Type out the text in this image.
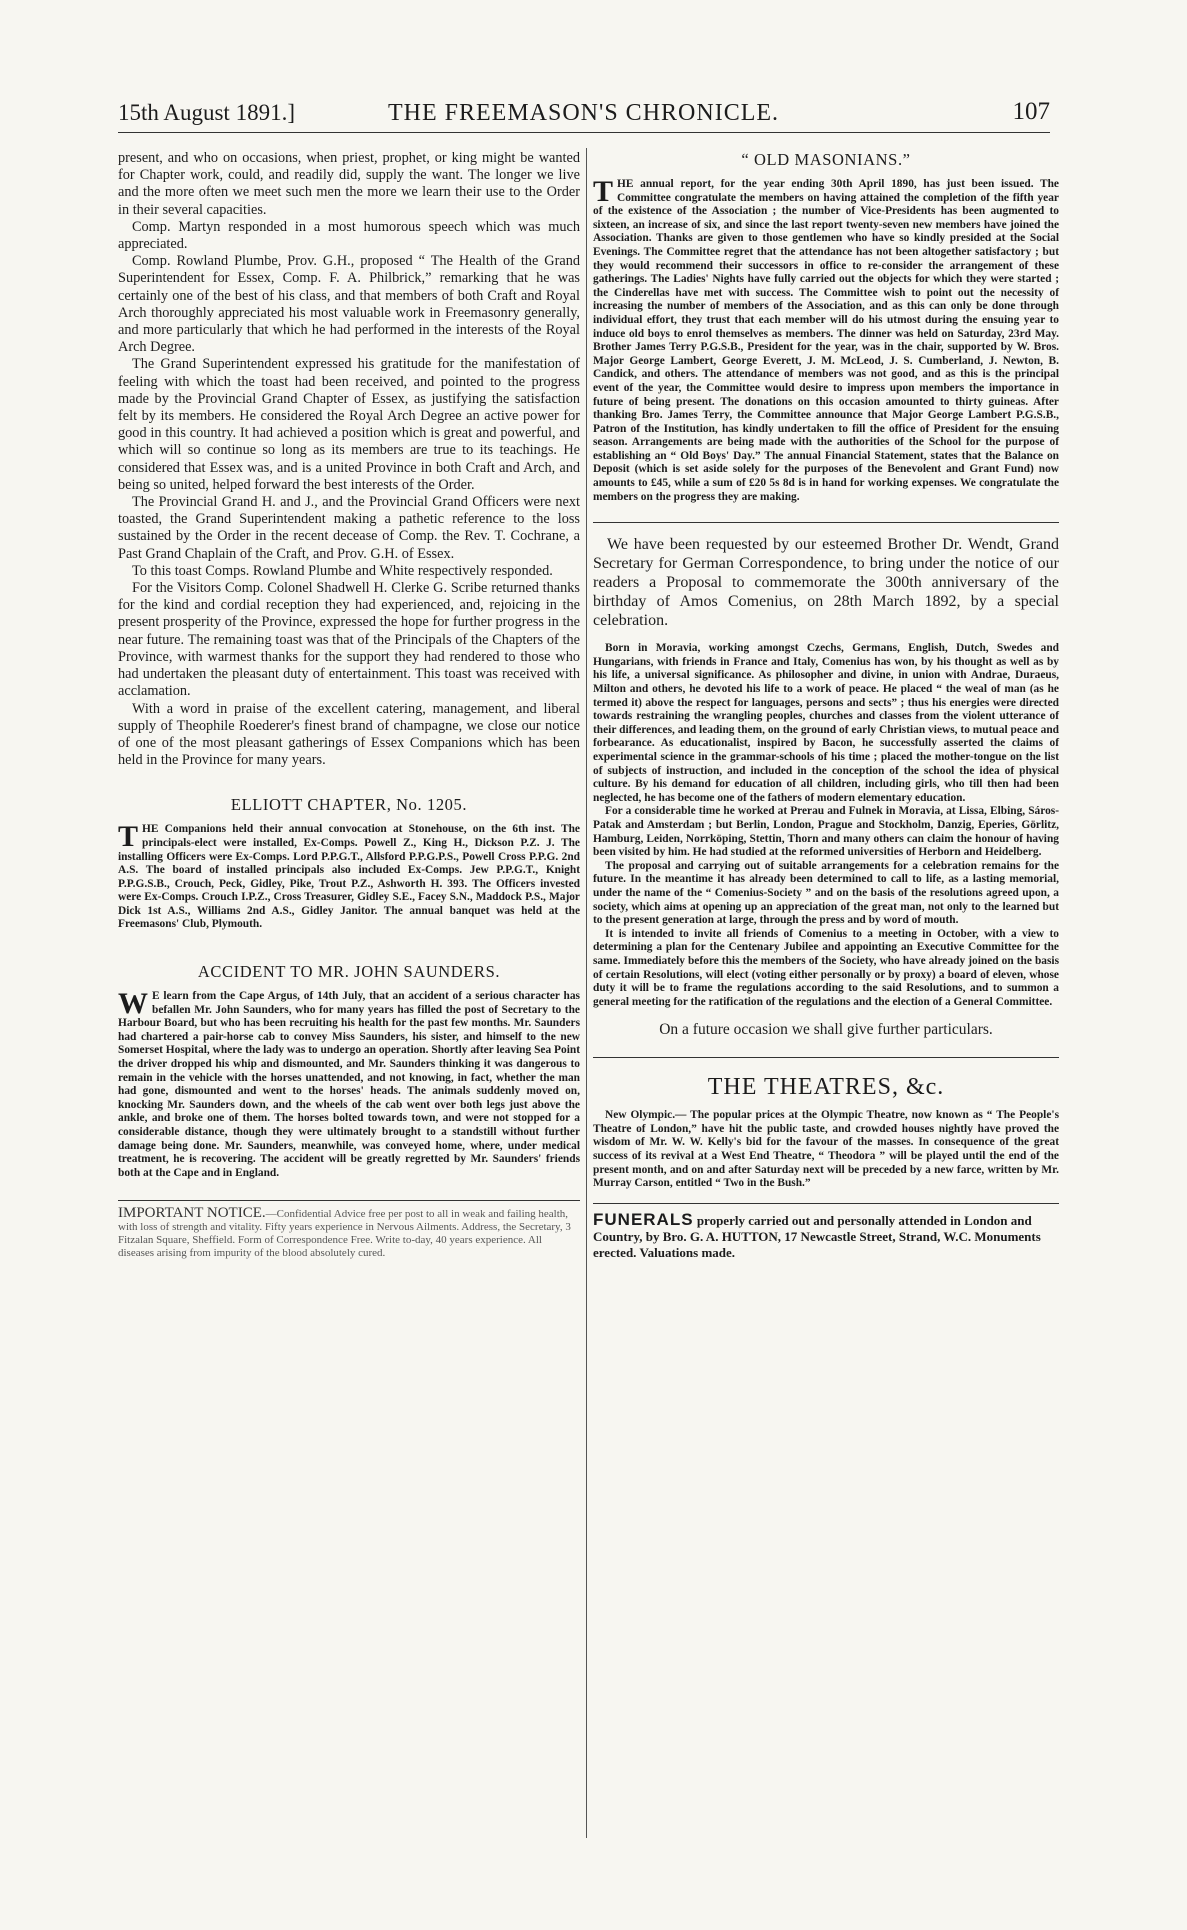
15th August 1891.]	THE FREEMASON'S CHRONICLE.	107

present, and who on occasions, when priest, prophet, or king might be wanted for Chapter work, could, and readily did, supply the want. The longer we live and the more often we meet such men the more we learn their use to the Order in their several capacities.

Comp. Martyn responded in a most humorous speech which was much appreciated.

Comp. Rowland Plumbe, Prov. G.H., proposed “ The Health of the Grand Superintendent for Essex, Comp. F. A. Philbrick,” remarking that he was certainly one of the best of his class, and that members of both Craft and Royal Arch thoroughly appreciated his most valuable work in Freemasonry generally, and more particularly that which he had performed in the interests of the Royal Arch Degree.

The Grand Superintendent expressed his gratitude for the manifestation of feeling with which the toast had been received, and pointed to the progress made by the Provincial Grand Chapter of Essex, as justifying the satisfaction felt by its members. He considered the Royal Arch Degree an active power for good in this country. It had achieved a position which is great and powerful, and which will so continue so long as its members are true to its teachings. He considered that Essex was, and is a united Province in both Craft and Arch, and being so united, helped forward the best interests of the Order.

The Provincial Grand H. and J., and the Provincial Grand Officers were next toasted, the Grand Superintendent making a pathetic reference to the loss sustained by the Order in the recent decease of Comp. the Rev. T. Cochrane, a Past Grand Chaplain of the Craft, and Prov. G.H. of Essex.

To this toast Comps. Rowland Plumbe and White respectively responded.

For the Visitors Comp. Colonel Shadwell H. Clerke G. Scribe returned thanks for the kind and cordial reception they had experienced, and, rejoicing in the present prosperity of the Province, expressed the hope for further progress in the near future. The remaining toast was that of the Principals of the Chapters of the Province, with warmest thanks for the support they had rendered to those who had undertaken the pleasant duty of entertainment. This toast was received with acclamation.

With a word in praise of the excellent catering, management, and liberal supply of Theophile Roederer's finest brand of champagne, we close our notice of one of the most pleasant gatherings of Essex Companions which has been held in the Province for many years.

ELLIOTT CHAPTER, No. 1205.

THE Companions held their annual convocation at Stonehouse, on the 6th inst. The principals-elect were installed, Ex-Comps. Powell Z., King H., Dickson P.Z. J. The installing Officers were Ex-Comps. Lord P.P.G.T., Allsford P.P.G.P.S., Powell Cross P.P.G. 2nd A.S. The board of installed principals also included Ex-Comps. Jew P.P.G.T., Knight P.P.G.S.B., Crouch, Peck, Gidley, Pike, Trout P.Z., Ashworth H. 393. The Officers invested were Ex-Comps. Crouch I.P.Z., Cross Treasurer, Gidley S.E., Facey S.N., Maddock P.S., Major Dick 1st A.S., Williams 2nd A.S., Gidley Janitor. The annual banquet was held at the Freemasons' Club, Plymouth.

ACCIDENT TO MR. JOHN SAUNDERS.

W E learn from the Cape Argus, of 14th July, that an accident of a serious character has befallen Mr. John Saunders, who for many years has filled the post of Secretary to the Harbour Board, but who has been recruiting his health for the past few months. Mr. Saunders had chartered a pair-horse cab to convey Miss Saunders, his sister, and himself to the new Somerset Hospital, where the lady was to undergo an operation. Shortly after leaving Sea Point the driver dropped his whip and dismounted, and Mr. Saunders thinking it was dangerous to remain in the vehicle with the horses unattended, and not knowing, in fact, whether the man had gone, dismounted and went to the horses' heads. The animals suddenly moved on, knocking Mr. Saunders down, and the wheels of the cab went over both legs just above the ankle, and broke one of them. The horses bolted towards town, and were not stopped for a considerable distance, though they were ultimately brought to a standstill without further damage being done. Mr. Saunders, meanwhile, was conveyed home, where, under medical treatment, he is recovering. The accident will be greatly regretted by Mr. Saunders' friends both at the Cape and in England.

IMPORTANT NOTICE.—Confidential Advice free per post to all in weak and failing health, with loss of strength and vitality. Fifty years experience in Nervous Ailments. Address, the Secretary, 3 Fitzalan Square, Sheffield. Form of Correspondence Free. Write to-day, 40 years experience. All diseases arising from impurity of the blood absolutely cured.

“ OLD MASONIANS.”

THE annual report, for the year ending 30th April 1890, has just been issued. The Committee congratulate the members on having attained the completion of the fifth year of the existence of the Association ; the number of Vice-Presidents has been augmented to sixteen, an increase of six, and since the last report twenty-seven new members have joined the Association. Thanks are given to those gentlemen who have so kindly presided at the Social Evenings. The Committee regret that the attendance has not been altogether satisfactory ; but they would recommend their successors in office to re-consider the arrangement of these gatherings. The Ladies' Nights have fully carried out the objects for which they were started ; the Cinderellas have met with success. The Committee wish to point out the necessity of increasing the number of members of the Association, and as this can only be done through individual effort, they trust that each member will do his utmost during the ensuing year to induce old boys to enrol themselves as members. The dinner was held on Saturday, 23rd May. Brother James Terry P.G.S.B., President for the year, was in the chair, supported by W. Bros. Major George Lambert, George Everett, J. M. McLeod, J. S. Cumberland, J. Newton, B. Candick, and others. The attendance of members was not good, and as this is the principal event of the year, the Committee would desire to impress upon members the importance in future of being present. The donations on this occasion amounted to thirty guineas. After thanking Bro. James Terry, the Committee announce that Major George Lambert P.G.S.B., Patron of the Institution, has kindly undertaken to fill the office of President for the ensuing season. Arrangements are being made with the authorities of the School for the purpose of establishing an “ Old Boys' Day.” The annual Financial Statement, states that the Balance on Deposit (which is set aside solely for the purposes of the Benevolent and Grant Fund) now amounts to £45, while a sum of £20 5s 8d is in hand for working expenses. We congratulate the members on the progress they are making.

We have been requested by our esteemed Brother Dr. Wendt, Grand Secretary for German Correspondence, to bring under the notice of our readers a Proposal to commemorate the 300th anniversary of the birthday of Amos Comenius, on 28th March 1892, by a special celebration.

Born in Moravia, working amongst Czechs, Germans, English, Dutch, Swedes and Hungarians, with friends in France and Italy, Comenius has won, by his thought as well as by his life, a universal significance. As philosopher and divine, in union with Andrae, Duraeus, Milton and others, he devoted his life to a work of peace. He placed “ the weal of man (as he termed it) above the respect for languages, persons and sects” ; thus his energies were directed towards restraining the wrangling peoples, churches and classes from the violent utterance of their differences, and leading them, on the ground of early Christian views, to mutual peace and forbearance. As educationalist, inspired by Bacon, he successfully asserted the claims of experimental science in the grammar-schools of his time ; placed the mother-tongue on the list of subjects of instruction, and included in the conception of the school the idea of physical culture. By his demand for education of all children, including girls, who till then had been neglected, he has become one of the fathers of modern elementary education.

For a considerable time he worked at Prerau and Fulnek in Moravia, at Lissa, Elbing, Sáros-Patak and Amsterdam ; but Berlin, London, Prague and Stockholm, Danzig, Eperies, Görlitz, Hamburg, Leiden, Norrköping, Stettin, Thorn and many others can claim the honour of having been visited by him. He had studied at the reformed universities of Herborn and Heidelberg.

The proposal and carrying out of suitable arrangements for a celebration remains for the future. In the meantime it has already been determined to call to life, as a lasting memorial, under the name of the “ Comenius-Society ” and on the basis of the resolutions agreed upon, a society, which aims at opening up an appreciation of the great man, not only to the learned but to the present generation at large, through the press and by word of mouth.

It is intended to invite all friends of Comenius to a meeting in October, with a view to determining a plan for the Centenary Jubilee and appointing an Executive Committee for the same. Immediately before this the members of the Society, who have already joined on the basis of certain Resolutions, will elect (voting either personally or by proxy) a board of eleven, whose duty it will be to frame the regulations according to the said Resolutions, and to summon a general meeting for the ratification of the regulations and the election of a General Committee.

On a future occasion we shall give further particulars.

THE THEATRES, &c.

New Olympic.— The popular prices at the Olympic Theatre, now known as “ The People's Theatre of London,” have hit the public taste, and crowded houses nightly have proved the wisdom of Mr. W. W. Kelly's bid for the favour of the masses. In consequence of the great success of its revival at a West End Theatre, “ Theodora ” will be played until the end of the present month, and on and after Saturday next will be preceded by a new farce, written by Mr. Murray Carson, entitled “ Two in the Bush.”

FUNERALS properly carried out and personally attended in London and Country, by Bro. G. A. HUTTON, 17 Newcastle Street, Strand, W.C. Monuments erected. Valuations made.
